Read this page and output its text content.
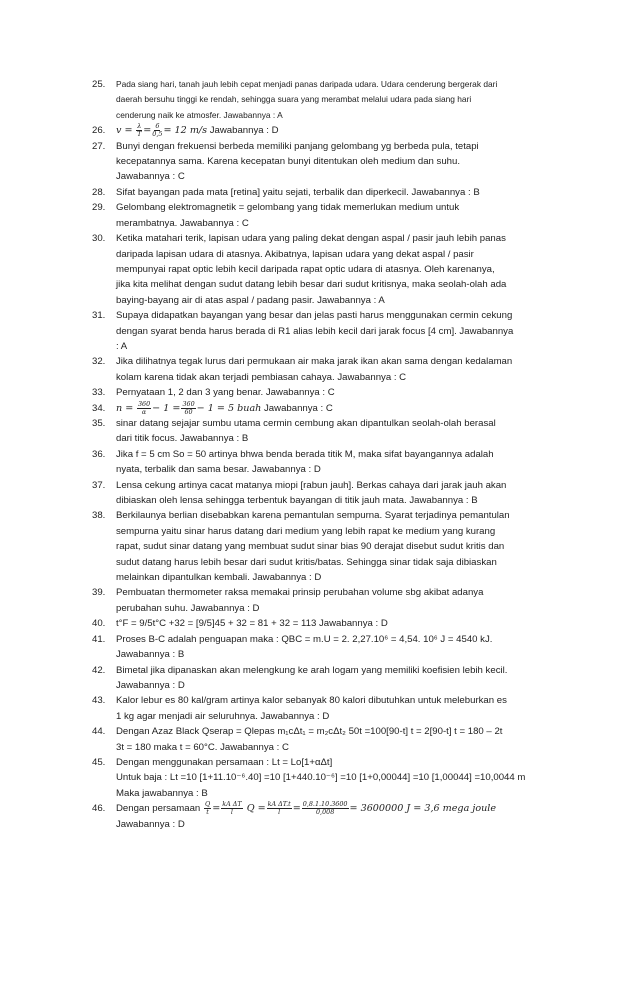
25.	Pada siang hari, tanah jauh lebih cepat menjadi panas daripada udara. Udara cenderung bergerak dari
daerah bersuhu tinggi ke rendah, sehingga suara yang merambat melalui udara pada siang hari
cenderung naik ke atmosfer. Jawabannya : A
26.	$v = \frac{\lambda}{T} = \frac{6}{0,5} = 12$ m/s Jawabannya : D
27.	Bunyi dengan frekuensi berbeda memiliki panjang gelombang yg berbeda pula, tetapi
kecepatannya sama. Karena kecepatan bunyi ditentukan oleh medium dan suhu.
Jawabannya : C
28.	Sifat bayangan pada mata [retina] yaitu sejati, terbalik dan diperkecil. Jawabannya : B
29.	Gelombang elektromagnetik = gelombang yang tidak memerlukan medium untuk
merambatnya. Jawabannya : C
30.	Ketika matahari terik, lapisan udara yang paling dekat dengan aspal / pasir jauh lebih panas
daripada lapisan udara di atasnya. Akibatnya, lapisan udara yang dekat aspal / pasir
mempunyai rapat optic lebih kecil daripada rapat optic udara di atasnya. Oleh karenanya,
jika kita melihat dengan sudut datang lebih besar dari sudut kritisnya, maka seolah-olah ada
baying-bayang air di atas aspal / padang pasir. Jawabannya : A
31.	Supaya didapatkan bayangan yang besar dan jelas pasti harus menggunakan cermin cekung
dengan syarat benda harus berada di R1 alias lebih kecil dari jarak focus [4 cm]. Jawabannya
: A
32.	Jika dilihatnya tegak lurus dari permukaan air maka jarak ikan akan sama dengan kedalaman
kolam karena tidak akan terjadi pembiasan cahaya. Jawabannya : C
33.	Pernyataan 1, 2 dan 3 yang benar. Jawabannya : C
34.	$n = \frac{360}{\alpha} - 1 = \frac{360}{60} - 1 = 5$ buah Jawabannya : C
35.	sinar datang sejajar sumbu utama cermin cembung akan dipantulkan seolah-olah berasal
dari titik focus. Jawabannya : B
36.	Jika f = 5 cm So = 50 artinya bhwa benda berada titik M, maka sifat bayangannya adalah
nyata, terbalik dan sama besar. Jawabannya : D
37.	Lensa cekung artinya cacat matanya miopi [rabun jauh]. Berkas cahaya dari jarak jauh akan
dibiaskan oleh lensa sehingga terbentuk bayangan di titik jauh mata. Jawabannya : B
38.	Berkilaunya berlian disebabkan karena pemantulan sempurna. Syarat terjadinya pemantulan
sempurna yaitu sinar harus datang dari medium yang lebih rapat ke medium yang kurang
rapat, sudut sinar datang yang membuat sudut sinar bias 90 derajat disebut sudut kritis dan
sudut datang harus lebih besar dari sudut kritis/batas. Sehingga sinar tidak saja dibiaskan
melainkan dipantulkan kembali. Jawabannya : D
39.	Pembuatan thermometer raksa memakai prinsip perubahan volume sbg akibat adanya
perubahan suhu. Jawabannya : D
40.	t°F = 9/5t°C +32 = [9/5]45 + 32 = 81 + 32 = 113 Jawabannya : D
41.	Proses B-C adalah penguapan maka : QBC = m.U = 2. 2,27.10⁶ = 4,54. 10⁶ J = 4540 kJ.
Jawabannya : B
42.	Bimetal jika dipanaskan akan melengkung ke arah logam yang memiliki koefisien lebih kecil.
Jawabannya : D
43.	Kalor lebur es 80 kal/gram artinya kalor sebanyak 80 kalori dibutuhkan untuk meleburkan es
1 kg agar menjadi air seluruhnya. Jawabannya : D
44.	Dengan Azaz Black Qserap = Qlepas m₁cΔt₁ = m₂cΔt₂ 50t =100[90-t] t = 2[90-t] t = 180 – 2t
3t = 180 maka t = 60°C. Jawabannya : C
45.	Dengan menggunakan persamaan : Lt = Lo[1+αΔt]
Untuk baja : Lt =10 [1+11.10⁻⁶.40] =10 [1+440.10⁻⁶] =10 [1+0,00044] =10 [1,00044] =10,0044 m
Maka jawabannya : B
46.	Dengan persamaan $\frac{Q}{t} = \frac{\text{kA ΔT}}{l}$ $Q = \frac{\text{kA ΔT.t}}{l} = \frac{0,8.1.10.3600}{0,008} = 3600000$ J = 3,6 mega joule
Jawabannya : D
